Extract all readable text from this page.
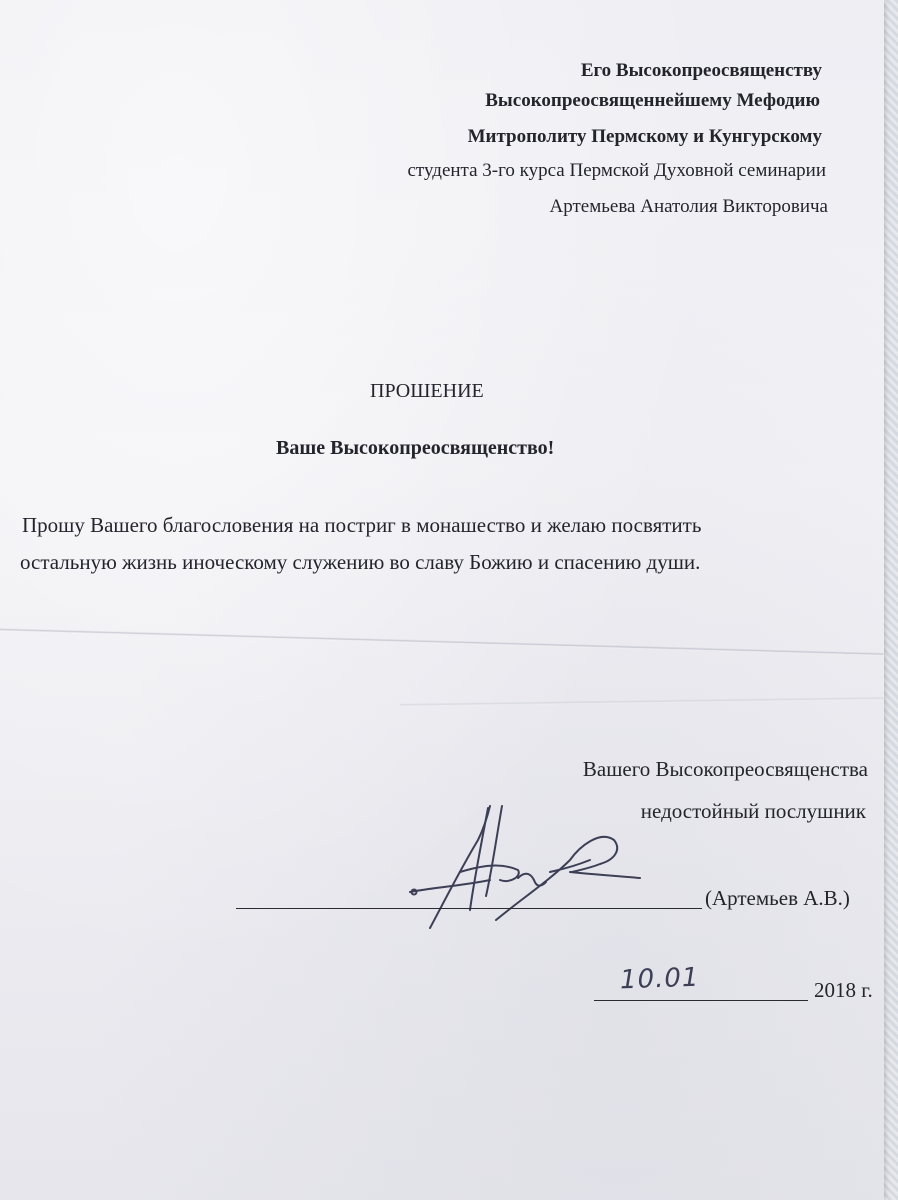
Его Высокопреосвященству
Высокопреосвященнейшему Мефодию
Митрополиту Пермскому и Кунгурскому
студента 3-го курса Пермской Духовной семинарии
Артемьева Анатолия Викторовича
ПРОШЕНИЕ
Ваше Высокопреосвященство!
Прошу Вашего благословения на постриг в монашество и желаю посвятить
остальную жизнь иноческому служению во славу Божию и спасению души.
Вашего Высокопреосвященства
недостойный послушник
(Артемьев А.В.)
10.01	2018 г.
